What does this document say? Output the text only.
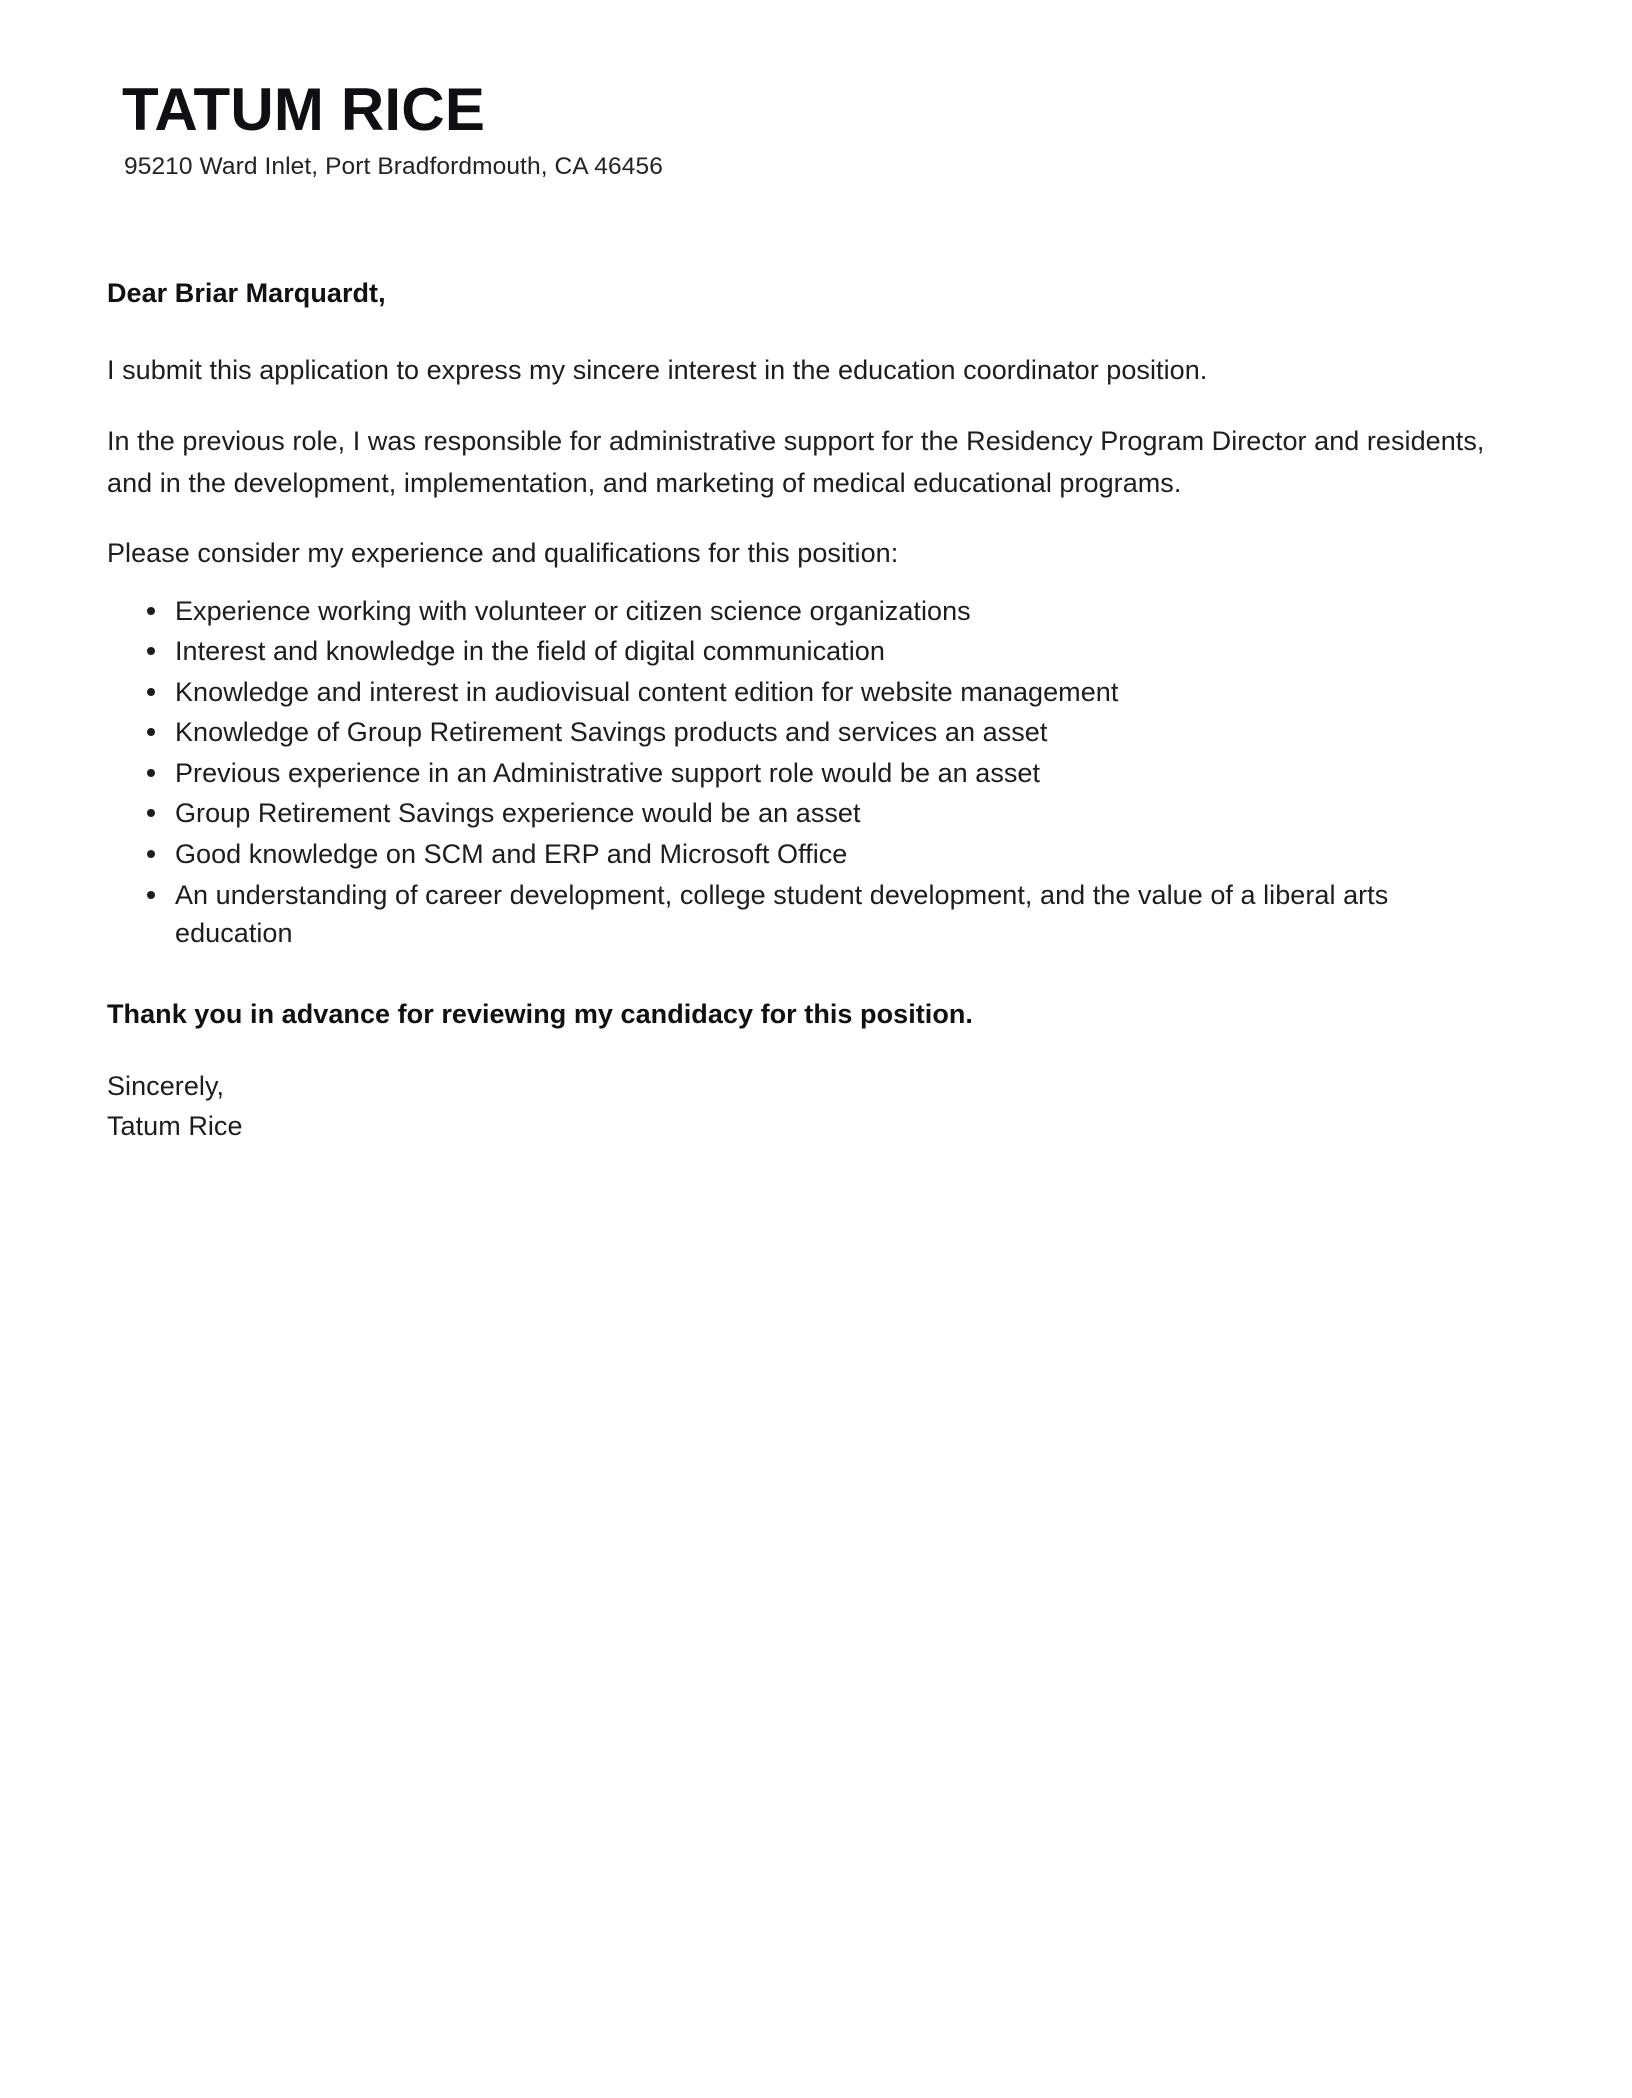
TATUM RICE
95210 Ward Inlet, Port Bradfordmouth, CA 46456

Dear Briar Marquardt,

I submit this application to express my sincere interest in the education coordinator position.

In the previous role, I was responsible for administrative support for the Residency Program Director and residents, and in the development, implementation, and marketing of medical educational programs.

Please consider my experience and qualifications for this position:

Experience working with volunteer or citizen science organizations
Interest and knowledge in the field of digital communication
Knowledge and interest in audiovisual content edition for website management
Knowledge of Group Retirement Savings products and services an asset
Previous experience in an Administrative support role would be an asset
Group Retirement Savings experience would be an asset
Good knowledge on SCM and ERP and Microsoft Office
An understanding of career development, college student development, and the value of a liberal arts education

Thank you in advance for reviewing my candidacy for this position.

Sincerely,
Tatum Rice
